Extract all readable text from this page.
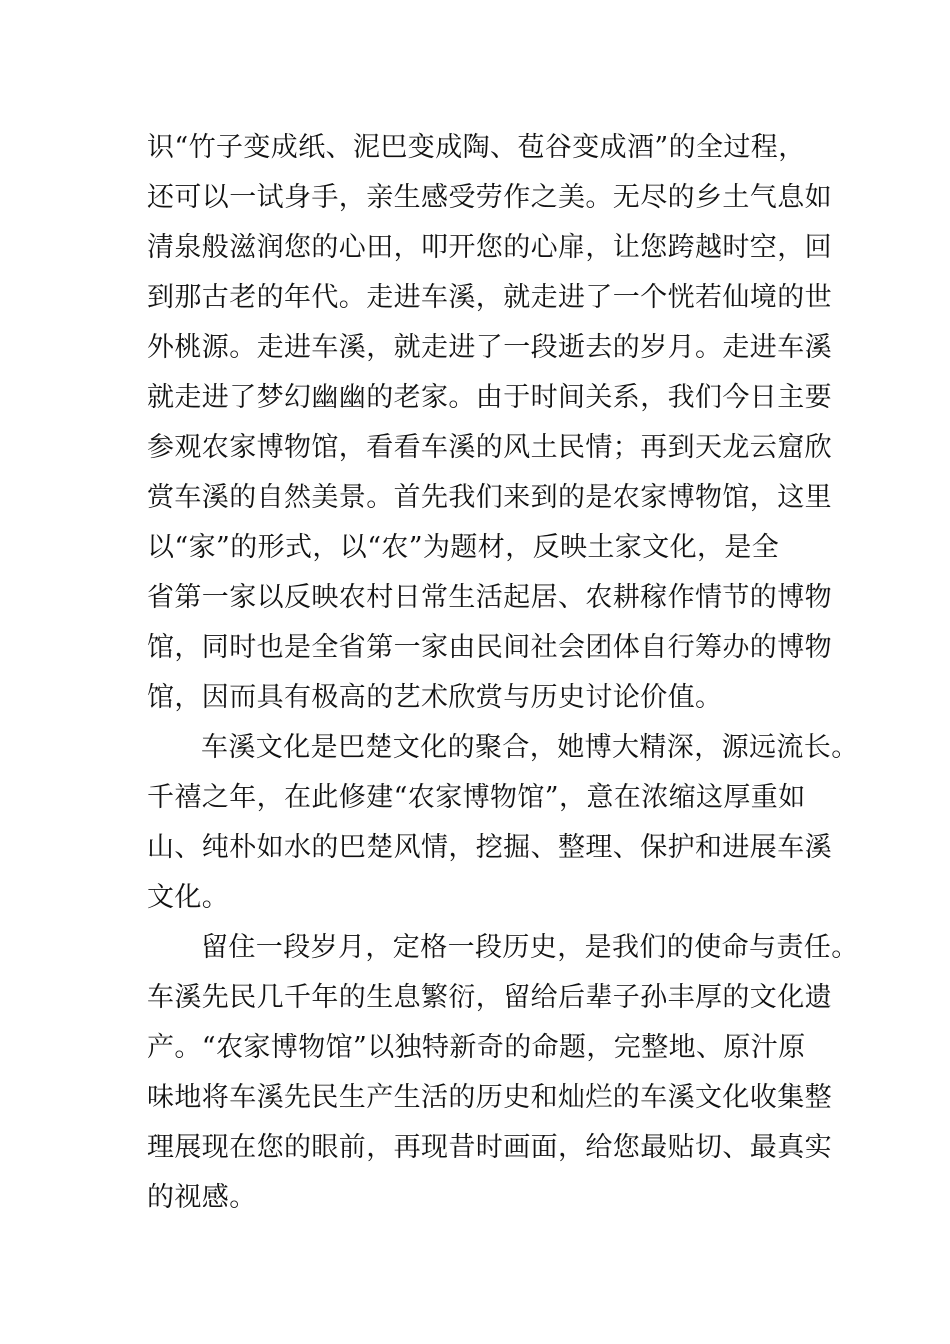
识“竹子变成纸、泥巴变成陶、苞谷变成酒”的全过程，
还可以一试身手，亲生感受劳作之美。无尽的乡土气息如
清泉般滋润您的心田，叩开您的心扉，让您跨越时空，回
到那古老的年代。走进车溪，就走进了一个恍若仙境的世
外桃源。走进车溪，就走进了一段逝去的岁月。走进车溪
就走进了梦幻幽幽的老家。由于时间关系，我们今日主要
参观农家博物馆，看看车溪的风土民情；再到天龙云窟欣
赏车溪的自然美景。首先我们来到的是农家博物馆，这里
以“家”的形式，以“农”为题材，反映土家文化，是全
省第一家以反映农村日常生活起居、农耕稼作情节的博物
馆，同时也是全省第一家由民间社会团体自行筹办的博物
馆，因而具有极高的艺术欣赏与历史讨论价值。
车溪文化是巴楚文化的聚合，她博大精深，源远流长。
千禧之年，在此修建“农家博物馆”，意在浓缩这厚重如
山、纯朴如水的巴楚风情，挖掘、整理、保护和进展车溪
文化。
留住一段岁月，定格一段历史，是我们的使命与责任。
车溪先民几千年的生息繁衍，留给后辈子孙丰厚的文化遗
产。“农家博物馆”以独特新奇的命题，完整地、原汁原
味地将车溪先民生产生活的历史和灿烂的车溪文化收集整
理展现在您的眼前，再现昔时画面，给您最贴切、最真实
的视感。
